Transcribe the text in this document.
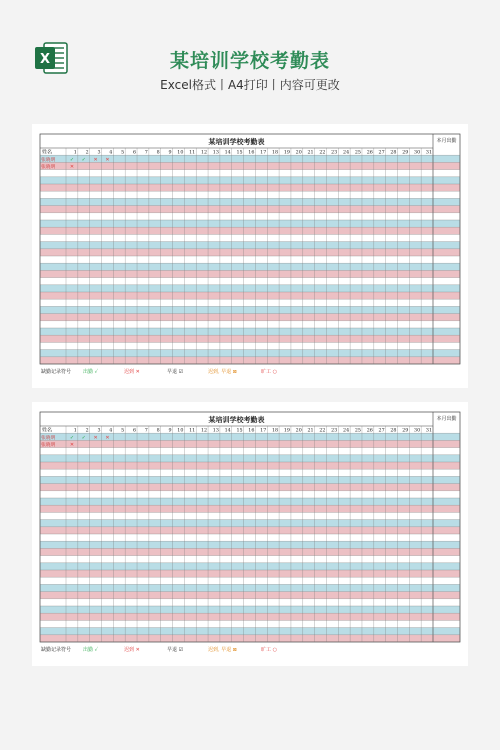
X	某培训学校考勤表
Excel格式丨A4打印丨内容可更改
某培训学校考勤表	本月出勤
姓名	1 2 3 4 5 6 7 8 9 10 11 12 13 14 15 16 17 18 19 20 21 22 23 24 25 26 27 28 29 30 31
张晓明	✓ ✓ ✕ ✕
张晓明	✕
缺勤记录符号 出勤 ✓	迟到 ✕	早退 ☑	迟到, 早退 ⊠	旷工 ○
某培训学校考勤表	本月出勤
姓名	1 2 3 4 5 6 7 8 9 10 11 12 13 14 15 16 17 18 19 20 21 22 23 24 25 26 27 28 29 30 31
张晓明	✓ ✓ ✕ ✕
张晓明	✕
缺勤记录符号 出勤 ✓	迟到 ✕	早退 ☑	迟到, 早退 ⊠	旷工 ○
